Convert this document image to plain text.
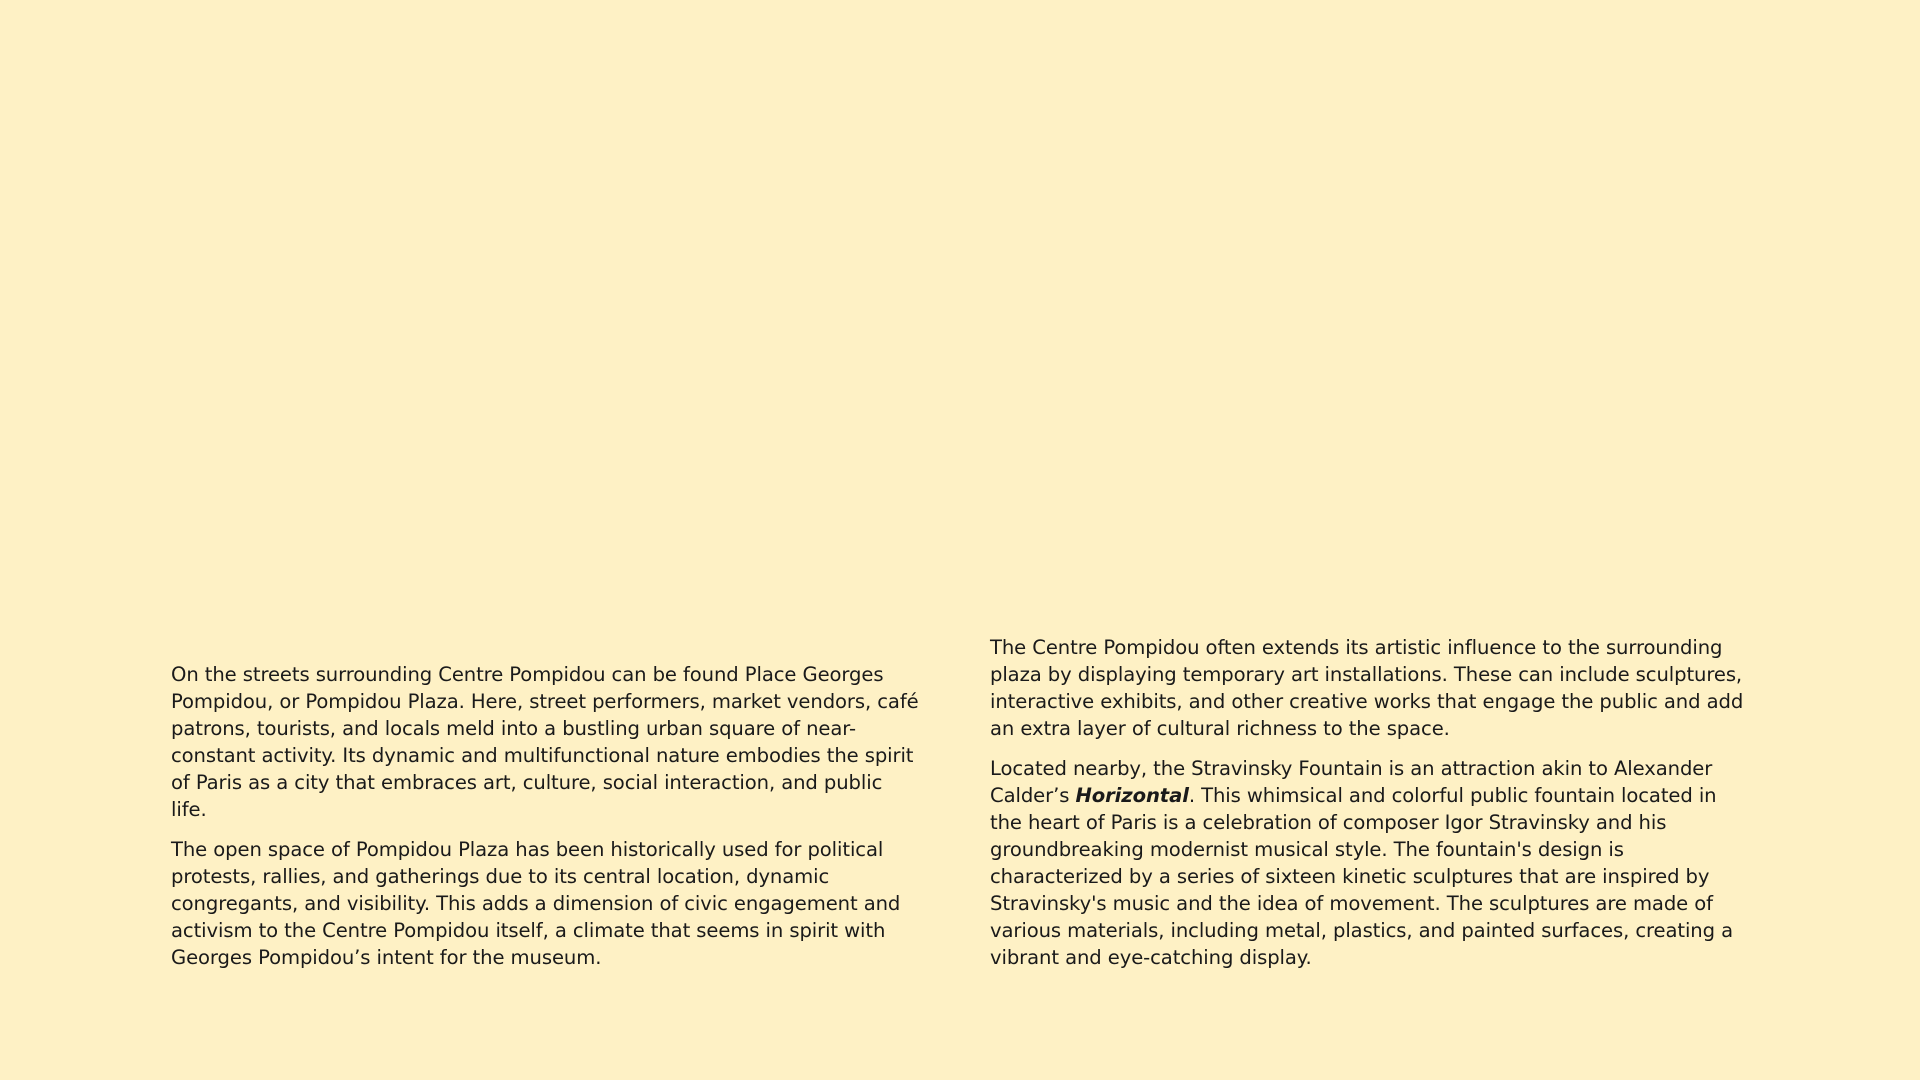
On the streets surrounding Centre Pompidou can be found Place Georges Pompidou, or Pompidou Plaza. Here, street performers, market vendors, café patrons, tourists, and locals meld into a bustling urban square of near-constant activity. Its dynamic and multifunctional nature embodies the spirit of Paris as a city that embraces art, culture, social interaction, and public life.

The open space of Pompidou Plaza has been historically used for political protests, rallies, and gatherings due to its central location, dynamic congregants, and visibility. This adds a dimension of civic engagement and activism to the Centre Pompidou itself, a climate that seems in spirit with Georges Pompidou’s intent for the museum.

The Centre Pompidou often extends its artistic influence to the surrounding plaza by displaying temporary art installations. These can include sculptures, interactive exhibits, and other creative works that engage the public and add an extra layer of cultural richness to the space.

Located nearby, the Stravinsky Fountain is an attraction akin to Alexander Calder’s Horizontal. This whimsical and colorful public fountain located in the heart of Paris is a celebration of composer Igor Stravinsky and his groundbreaking modernist musical style. The fountain's design is characterized by a series of sixteen kinetic sculptures that are inspired by Stravinsky's music and the idea of movement. The sculptures are made of various materials, including metal, plastics, and painted surfaces, creating a vibrant and eye-catching display.
